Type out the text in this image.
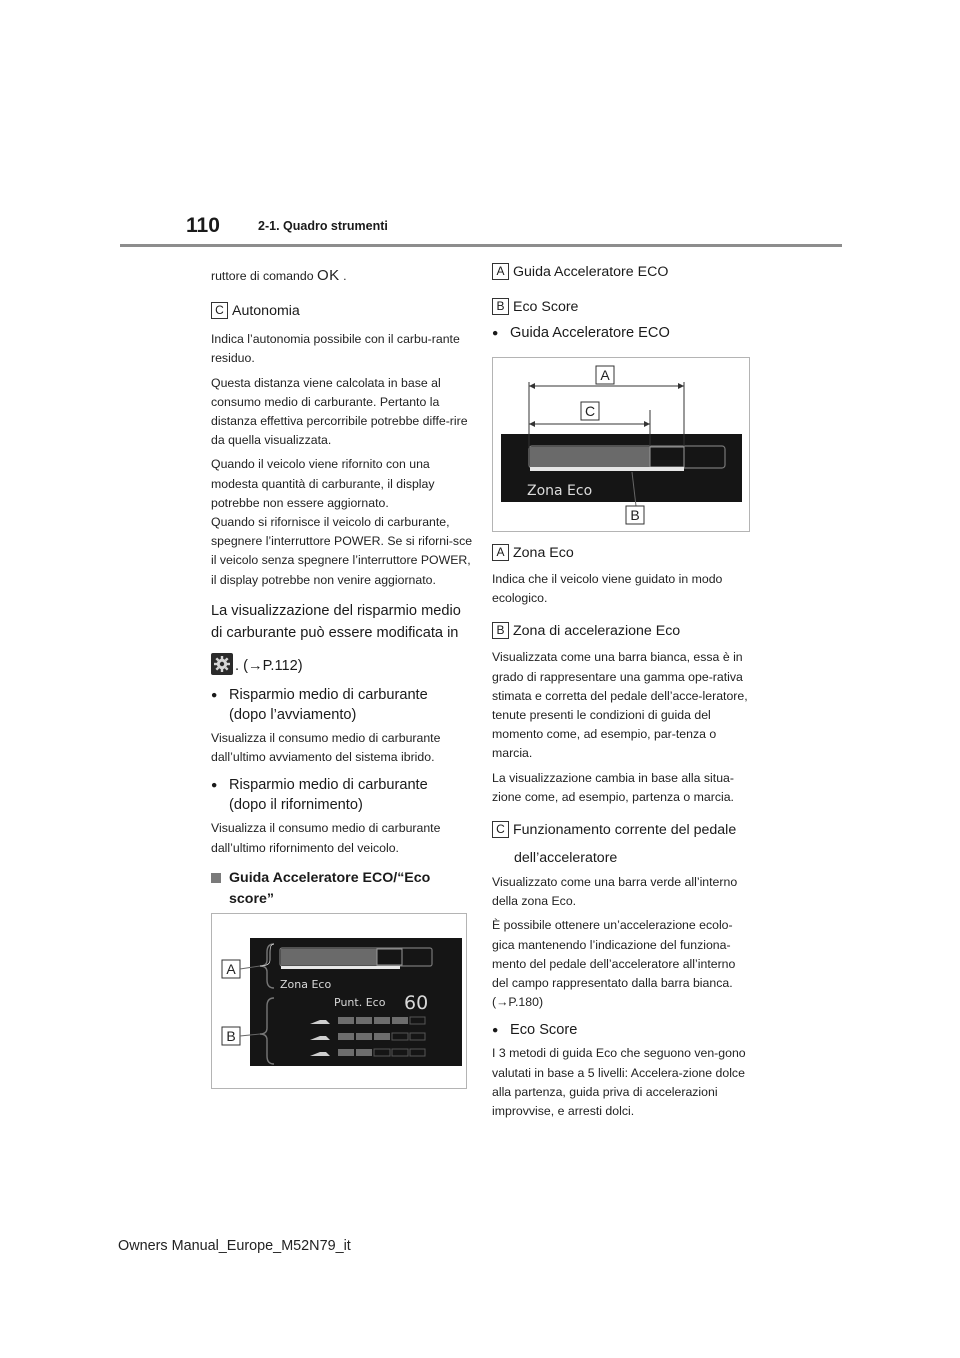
110	2-1. Quadro strumenti
ruttore di comando OK .
C Autonomia

Indica l’autonomia possibile con il carbu-rante residuo.

Questa distanza viene calcolata in base al consumo medio di carburante. Pertanto la distanza effettiva percorribile potrebbe diffe-rire da quella visualizzata.

Quando il veicolo viene rifornito con una modesta quantità di carburante, il display potrebbe non essere aggiornato.

Quando si rifornisce il veicolo di carburante, spegnere l’interruttore POWER. Se si riforni-sce il veicolo senza spegnere l’interruttore POWER, il display potrebbe non venire aggiornato.

La visualizzazione del risparmio medio
di carburante può essere modificata in
. (→P.112)
● Risparmio medio di carburante
(dopo l’avviamento)

Visualizza il consumo medio di carburante dall’ultimo avviamento del sistema ibrido.

● Risparmio medio di carburante
(dopo il rifornimento)

Visualizza il consumo medio di carburante dall’ultimo rifornimento del veicolo.

Guida Acceleratore ECO/“Eco
score”
Zona Eco
Punt. Eco 60
A
B
A Guida Acceleratore ECO
B Eco Score
● Guida Acceleratore ECO
Zona Eco
A
C
B
A Zona Eco

Indica che il veicolo viene guidato in modo ecologico.

B Zona di accelerazione Eco

Visualizzata come una barra bianca, essa è in grado di rappresentare una gamma ope-rativa stimata e corretta del pedale dell’acce-leratore, tenute presenti le condizioni di guida del momento come, ad esempio, par-tenza o marcia.

La visualizzazione cambia in base alla situa-zione come, ad esempio, partenza o marcia.

C Funzionamento corrente del pedale
dell’acceleratore

Visualizzato come una barra verde all’interno della zona Eco.

È possibile ottenere un’accelerazione ecolo-gica mantenendo l’indicazione del funziona-mento del pedale dell’acceleratore all’interno del campo rappresentato dalla barra bianca. (→P.180)

● Eco Score

I 3 metodi di guida Eco che seguono ven-gono valutati in base a 5 livelli: Accelera-zione dolce alla partenza, guida priva di accelerazioni improvvise, e arresti dolci.

Owners Manual_Europe_M52N79_it
